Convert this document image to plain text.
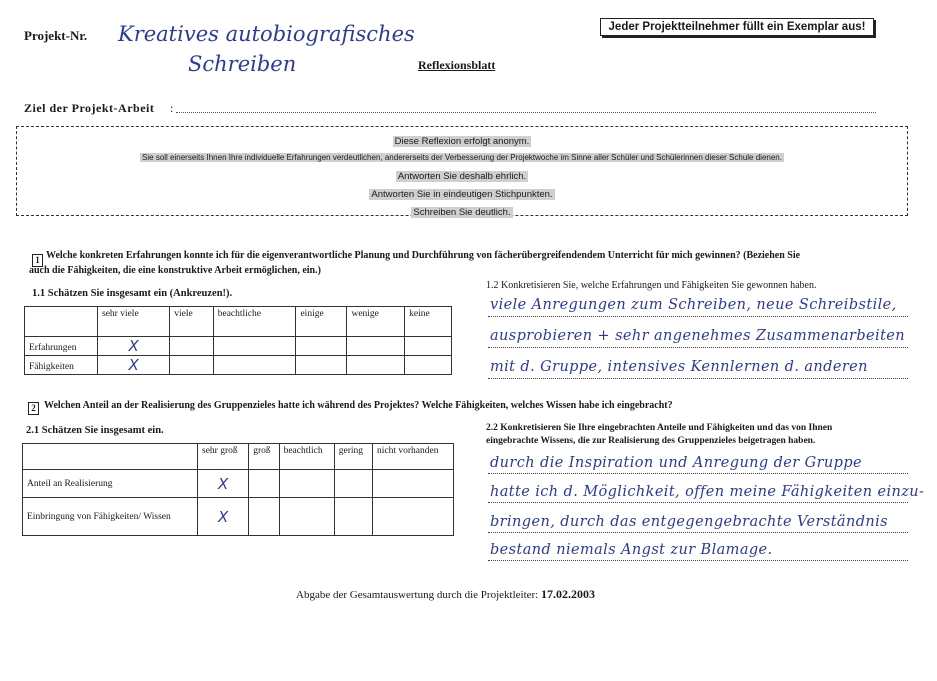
Projekt-Nr. Kreatives autobiografisches
Schreiben
Jeder Projektteilnehmer füllt ein Exemplar aus!
Reflexionsblatt
Ziel der Projekt-Arbeit :
Diese Reflexion erfolgt anonym.
Sie soll einerseits Ihnen Ihre individuelle Erfahrungen verdeutlichen, andererseits der Verbesserung der Projektwoche im Sinne aller Schüler und Schülerinnen dieser Schule dienen.
Antworten Sie deshalb ehrlich.
Antworten Sie in eindeutigen Stichpunkten.
Schreiben Sie deutlich.
1 Welche konkreten Erfahrungen konnte ich für die eigenverantwortliche Planung und Durchführung von fächerübergreifendendem Unterricht für mich gewinnen? (Beziehen Sie
auch die Fähigkeiten, die eine konstruktive Arbeit ermöglichen, ein.)
1.1 Schätzen Sie insgesamt ein (Ankreuzen!).
	sehr viele	viele	beachtliche	einige	wenige	keine
Erfahrungen	X					
Fähigkeiten	X					
1.2 Konkretisieren Sie, welche Erfahrungen und Fähigkeiten Sie gewonnen haben.
viele Anregungen zum Schreiben, neue Schreibstile,
ausprobieren + sehr angenehmes Zusammenarbeiten
mit d. Gruppe, intensives Kennlernen d. anderen
2 Welchen Anteil an der Realisierung des Gruppenzieles hatte ich während des Projektes? Welche Fähigkeiten, welches Wissen habe ich eingebracht?
2.1 Schätzen Sie insgesamt ein.
	sehr groß	groß	beachtlich	gering	nicht vorhanden
Anteil an Realisierung	X				
Einbringung von Fähigkeiten/ Wissen	X				
2.2 Konkretisieren Sie Ihre eingebrachten Anteile und Fähigkeiten und das von Ihnen
eingebrachte Wissens, die zur Realisierung des Gruppenzieles beigetragen haben.
durch die Inspiration und Anregung der Gruppe
hatte ich d. Möglichkeit, offen meine Fähigkeiten einzu-
bringen, durch das entgegengebrachte Verständnis
bestand niemals Angst zur Blamage.
Abgabe der Gesamtauswertung durch die Projektleiter: 17.02.2003
